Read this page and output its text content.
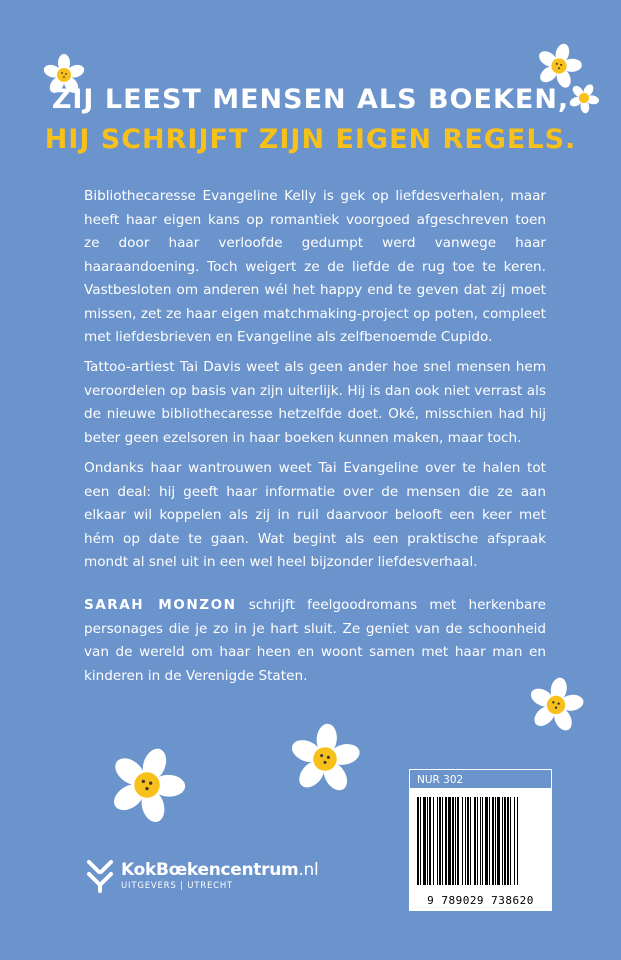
ZIJ LEEST MENSEN ALS BOEKEN,
HIJ SCHRIJFT ZIJN EIGEN REGELS.

Bibliothecaresse Evangeline Kelly is gek op liefdesverhalen, maar heeft haar eigen kans op romantiek voorgoed afgeschreven toen ze door haar verloofde gedumpt werd vanwege haar haaraandoening. Toch weigert ze de liefde de rug toe te keren. Vastbesloten om anderen wél het happy end te geven dat zij moet missen, zet ze haar eigen matchmaking-project op poten, compleet met liefdesbrieven en Evangeline als zelfbenoemde Cupido.

Tattoo-artiest Tai Davis weet als geen ander hoe snel mensen hem veroordelen op basis van zijn uiterlijk. Hij is dan ook niet verrast als de nieuwe bibliothecaresse hetzelfde doet. Oké, misschien had hij beter geen ezelsoren in haar boeken kunnen maken, maar toch.

Ondanks haar wantrouwen weet Tai Evangeline over te halen tot een deal: hij geeft haar informatie over de mensen die ze aan elkaar wil koppelen als zij in ruil daarvoor belooft een keer met hém op date te gaan. Wat begint als een praktische afspraak mondt al snel uit in een wel heel bijzonder liefdesverhaal.

SARAH MONZON schrijft feelgoodromans met herkenbare personages die je zo in je hart sluit. Ze geniet van de schoonheid van de wereld om haar heen en woont samen met haar man en kinderen in de Verenigde Staten.

KokBœkencentrum.nl
UITGEVERS | UTRECHT
NUR 302
9 789029 738620
